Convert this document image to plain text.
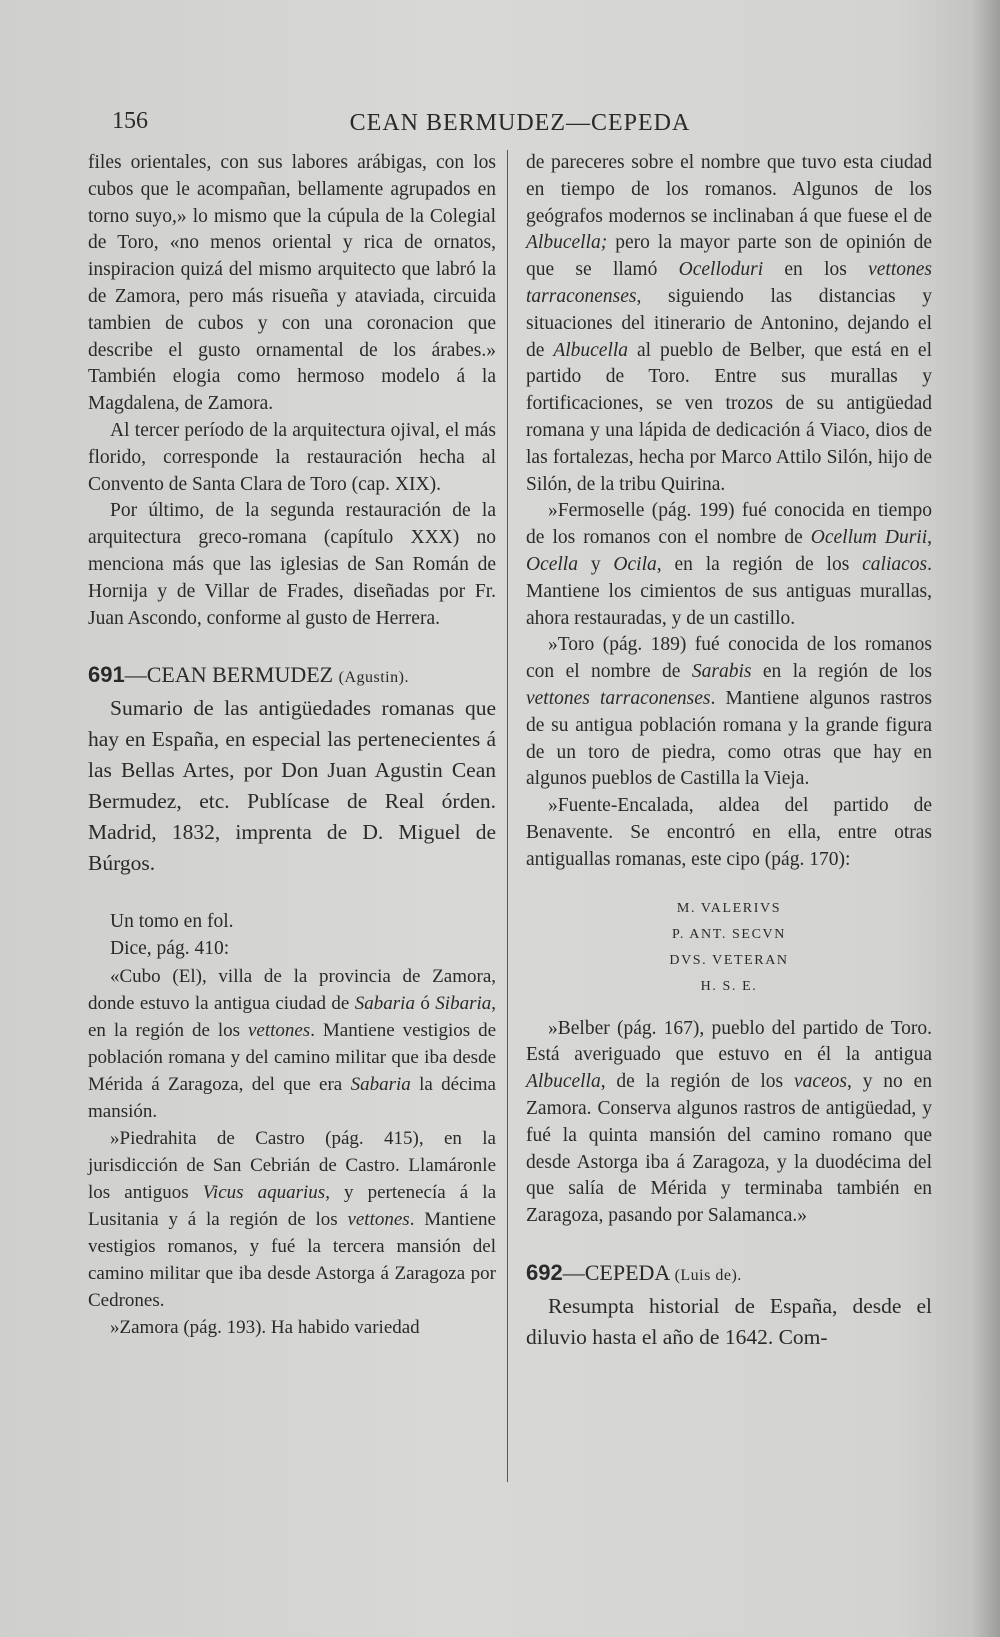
156	CEAN BERMUDEZ—CEPEDA

files orientales, con sus labores arábigas, con los cubos que le acompañan, bellamente agrupados en torno suyo,» lo mismo que la cúpula de la Colegial de Toro, «no menos oriental y rica de ornatos, inspiracion quizá del mismo arquitecto que labró la de Zamora, pero más risueña y ataviada, circuida tambien de cubos y con una coronacion que describe el gusto ornamental de los árabes.» También elogia como hermoso modelo á la Magdalena, de Zamora.

Al tercer período de la arquitectura ojival, el más florido, corresponde la restauración hecha al Convento de Santa Clara de Toro (cap. XIX).

Por último, de la segunda restauración de la arquitectura greco-romana (capítulo XXX) no menciona más que las iglesias de San Román de Hornija y de Villar de Frades, diseñadas por Fr. Juan Ascondo, conforme al gusto de Herrera.

691—CEAN BERMUDEZ (Agustin).

Sumario de las antigüedades romanas que hay en España, en especial las pertenecientes á las Bellas Artes, por Don Juan Agustin Cean Bermudez, etc. Publícase de Real órden. Madrid, 1832, imprenta de D. Miguel de Búrgos.

Un tomo en fol.

Dice, pág. 410:

«Cubo (El), villa de la provincia de Zamora, donde estuvo la antigua ciudad de Sabaria ó Sibaria, en la región de los vettones. Mantiene vestigios de población romana y del camino militar que iba desde Mérida á Zaragoza, del que era Sabaria la décima mansión.

»Piedrahita de Castro (pág. 415), en la jurisdicción de San Cebrián de Castro. Llamáronle los antiguos Vicus aquarius, y pertenecía á la Lusitania y á la región de los vettones. Mantiene vestigios romanos, y fué la tercera mansión del camino militar que iba desde Astorga á Zaragoza por Cedrones.

»Zamora (pág. 193). Ha habido variedad

de pareceres sobre el nombre que tuvo esta ciudad en tiempo de los romanos. Algunos de los geógrafos modernos se inclinaban á que fuese el de Albucella; pero la mayor parte son de opinión de que se llamó Ocelloduri en los vettones tarraconenses, siguiendo las distancias y situaciones del itinerario de Antonino, dejando el de Albucella al pueblo de Belber, que está en el partido de Toro. Entre sus murallas y fortificaciones, se ven trozos de su antigüedad romana y una lápida de dedicación á Viaco, dios de las fortalezas, hecha por Marco Attilo Silón, hijo de Silón, de la tribu Quirina.

»Fermoselle (pág. 199) fué conocida en tiempo de los romanos con el nombre de Ocellum Durii, Ocella y Ocila, en la región de los caliacos. Mantiene los cimientos de sus antiguas murallas, ahora restauradas, y de un castillo.

»Toro (pág. 189) fué conocida de los romanos con el nombre de Sarabis en la región de los vettones tarraconenses. Mantiene algunos rastros de su antigua población romana y la grande figura de un toro de piedra, como otras que hay en algunos pueblos de Castilla la Vieja.

»Fuente-Encalada, aldea del partido de Benavente. Se encontró en ella, entre otras antiguallas romanas, este cipo (pág. 170):

M. VALERIVS
P. ANT. SECVN
DVS. VETERAN
H. S. E.

»Belber (pág. 167), pueblo del partido de Toro. Está averiguado que estuvo en él la antigua Albucella, de la región de los vaceos, y no en Zamora. Conserva algunos rastros de antigüedad, y fué la quinta mansión del camino romano que desde Astorga iba á Zaragoza, y la duodécima del que salía de Mérida y terminaba también en Zaragoza, pasando por Salamanca.»

692—CEPEDA (Luis de).

Resumpta historial de España, desde el diluvio hasta el año de 1642. Com-
